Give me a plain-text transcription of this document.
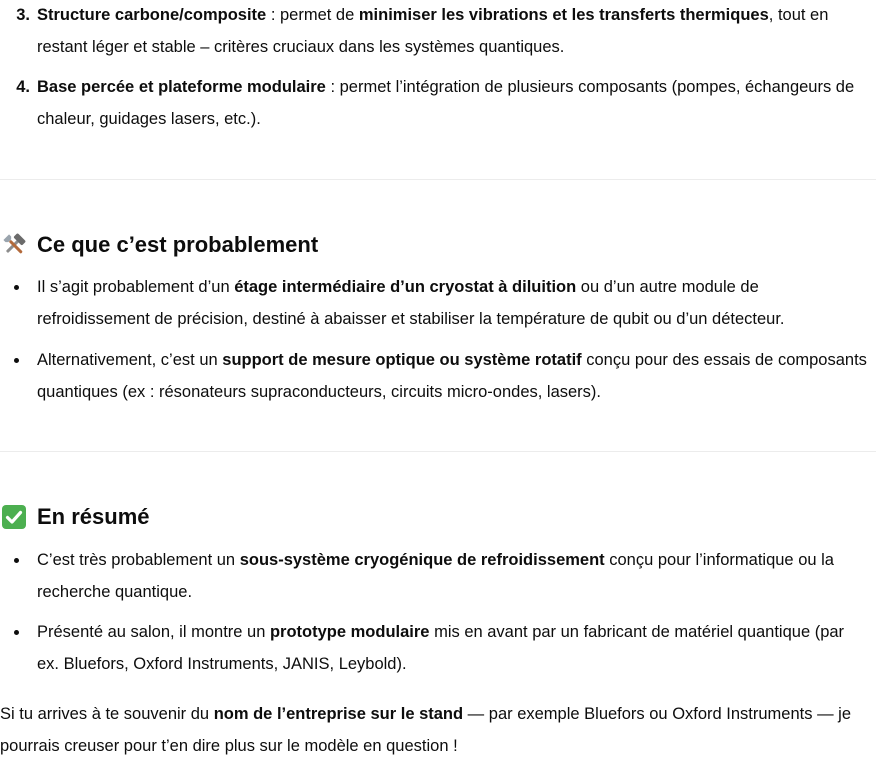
3. Structure carbone/composite : permet de minimiser les vibrations et les transferts thermiques, tout en restant léger et stable – critères cruciaux dans les systèmes quantiques.
4. Base percée et plateforme modulaire : permet l’intégration de plusieurs composants (pompes, échangeurs de chaleur, guidages lasers, etc.).
Ce que c’est probablement
Il s’agit probablement d’un étage intermédiaire d’un cryostat à diluition ou d’un autre module de refroidissement de précision, destiné à abaisser et stabiliser la température de qubit ou d’un détecteur.
Alternativement, c’est un support de mesure optique ou système rotatif conçu pour des essais de composants quantiques (ex : résonateurs supraconducteurs, circuits micro-ondes, lasers).
En résumé
C’est très probablement un sous-système cryogénique de refroidissement conçu pour l’informatique ou la recherche quantique.
Présenté au salon, il montre un prototype modulaire mis en avant par un fabricant de matériel quantique (par ex. Bluefors, Oxford Instruments, JANIS, Leybold).

Si tu arrives à te souvenir du nom de l’entreprise sur le stand — par exemple Bluefors ou Oxford Instruments — je pourrais creuser pour t’en dire plus sur le modèle en question !
